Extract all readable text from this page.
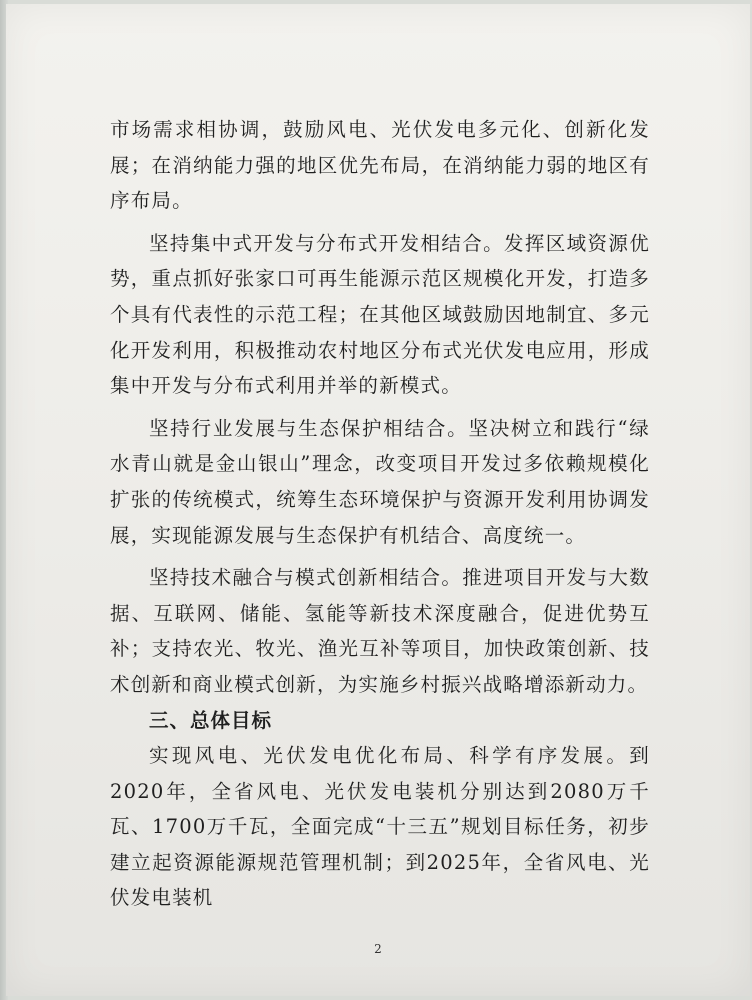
市场需求相协调，鼓励风电、光伏发电多元化、创新化发展；在消纳能力强的地区优先布局，在消纳能力弱的地区有序布局。

坚持集中式开发与分布式开发相结合。发挥区域资源优势，重点抓好张家口可再生能源示范区规模化开发，打造多个具有代表性的示范工程；在其他区域鼓励因地制宜、多元化开发利用，积极推动农村地区分布式光伏发电应用，形成集中开发与分布式利用并举的新模式。

坚持行业发展与生态保护相结合。坚决树立和践行“绿水青山就是金山银山”理念，改变项目开发过多依赖规模化扩张的传统模式，统筹生态环境保护与资源开发利用协调发展，实现能源发展与生态保护有机结合、高度统一。

坚持技术融合与模式创新相结合。推进项目开发与大数据、互联网、储能、氢能等新技术深度融合，促进优势互补；支持农光、牧光、渔光互补等项目，加快政策创新、技术创新和商业模式创新，为实施乡村振兴战略增添新动力。

三、总体目标

实现风电、光伏发电优化布局、科学有序发展。到2020年，全省风电、光伏发电装机分别达到2080万千瓦、1700万千瓦，全面完成“十三五”规划目标任务，初步建立起资源能源规范管理机制；到2025年，全省风电、光伏发电装机

2
